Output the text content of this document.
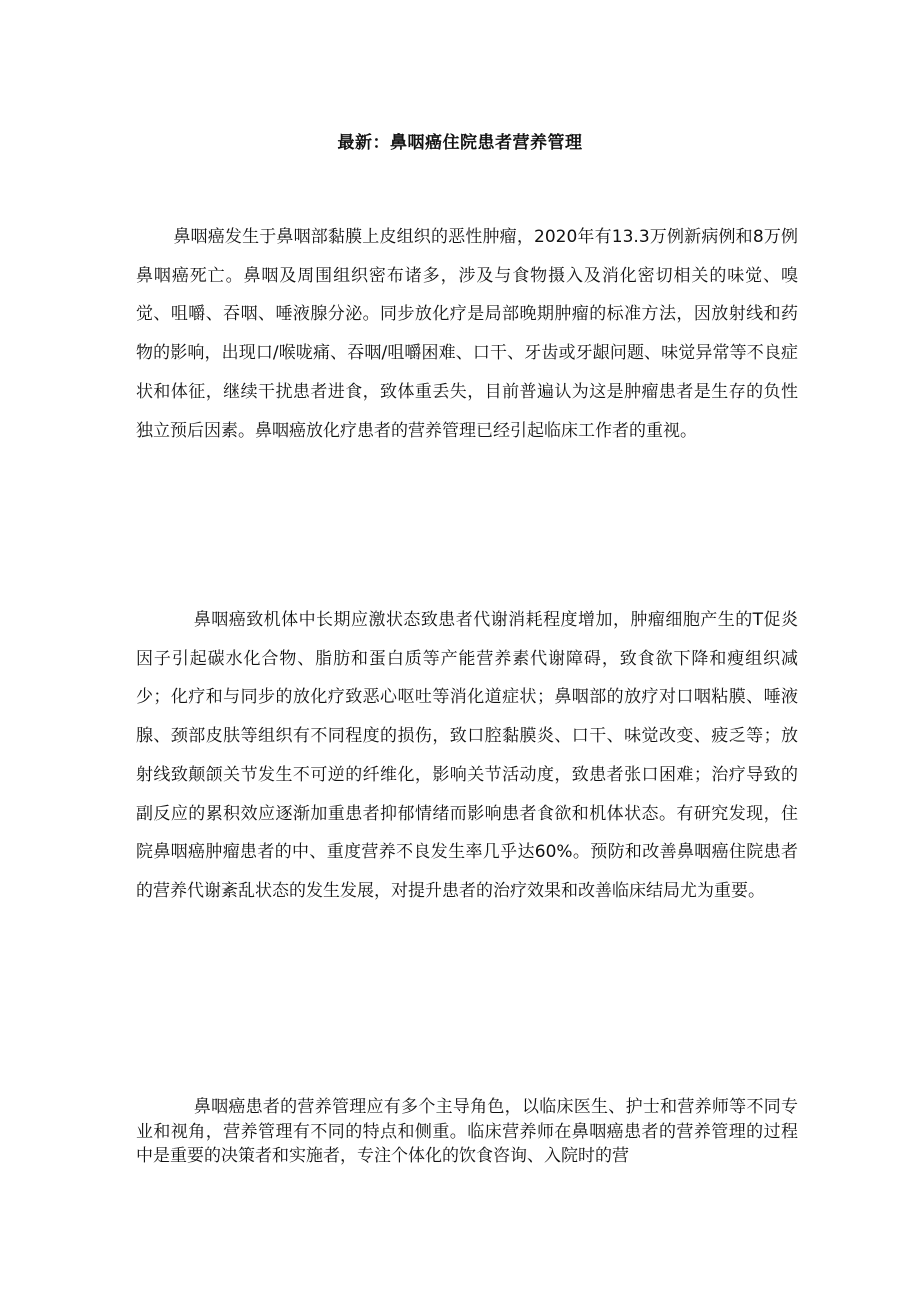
最新：鼻咽癌住院患者营养管理

鼻咽癌发生于鼻咽部黏膜上皮组织的恶性肿瘤，2020年有13.3万例新病例和8万例鼻咽癌死亡。鼻咽及周围组织密布诸多，涉及与食物摄入及消化密切相关的味觉、嗅觉、咀嚼、吞咽、唾液腺分泌。同步放化疗是局部晚期肿瘤的标准方法，因放射线和药物的影响，出现口/喉咙痛、吞咽/咀嚼困难、口干、牙齿或牙龈问题、味觉异常等不良症状和体征，继续干扰患者进食，致体重丢失，目前普遍认为这是肿瘤患者是生存的负性独立预后因素。鼻咽癌放化疗患者的营养管理已经引起临床工作者的重视。

鼻咽癌致机体中长期应激状态致患者代谢消耗程度增加，肿瘤细胞产生的T促炎因子引起碳水化合物、脂肪和蛋白质等产能营养素代谢障碍，致食欲下降和瘦组织减少；化疗和与同步的放化疗致恶心呕吐等消化道症状；鼻咽部的放疗对口咽粘膜、唾液腺、颈部皮肤等组织有不同程度的损伤，致口腔黏膜炎、口干、味觉改变、疲乏等；放射线致颠颌关节发生不可逆的纤维化，影响关节活动度，致患者张口困难；治疗导致的副反应的累积效应逐渐加重患者抑郁情绪而影响患者食欲和机体状态。有研究发现，住院鼻咽癌肿瘤患者的中、重度营养不良发生率几乎达60%。预防和改善鼻咽癌住院患者的营养代谢紊乱状态的发生发展，对提升患者的治疗效果和改善临床结局尤为重要。

鼻咽癌患者的营养管理应有多个主导角色，以临床医生、护士和营养师等不同专业和视角，营养管理有不同的特点和侧重。临床营养师在鼻咽癌患者的营养管理的过程中是重要的决策者和实施者，专注个体化的饮食咨询、入院时的营
